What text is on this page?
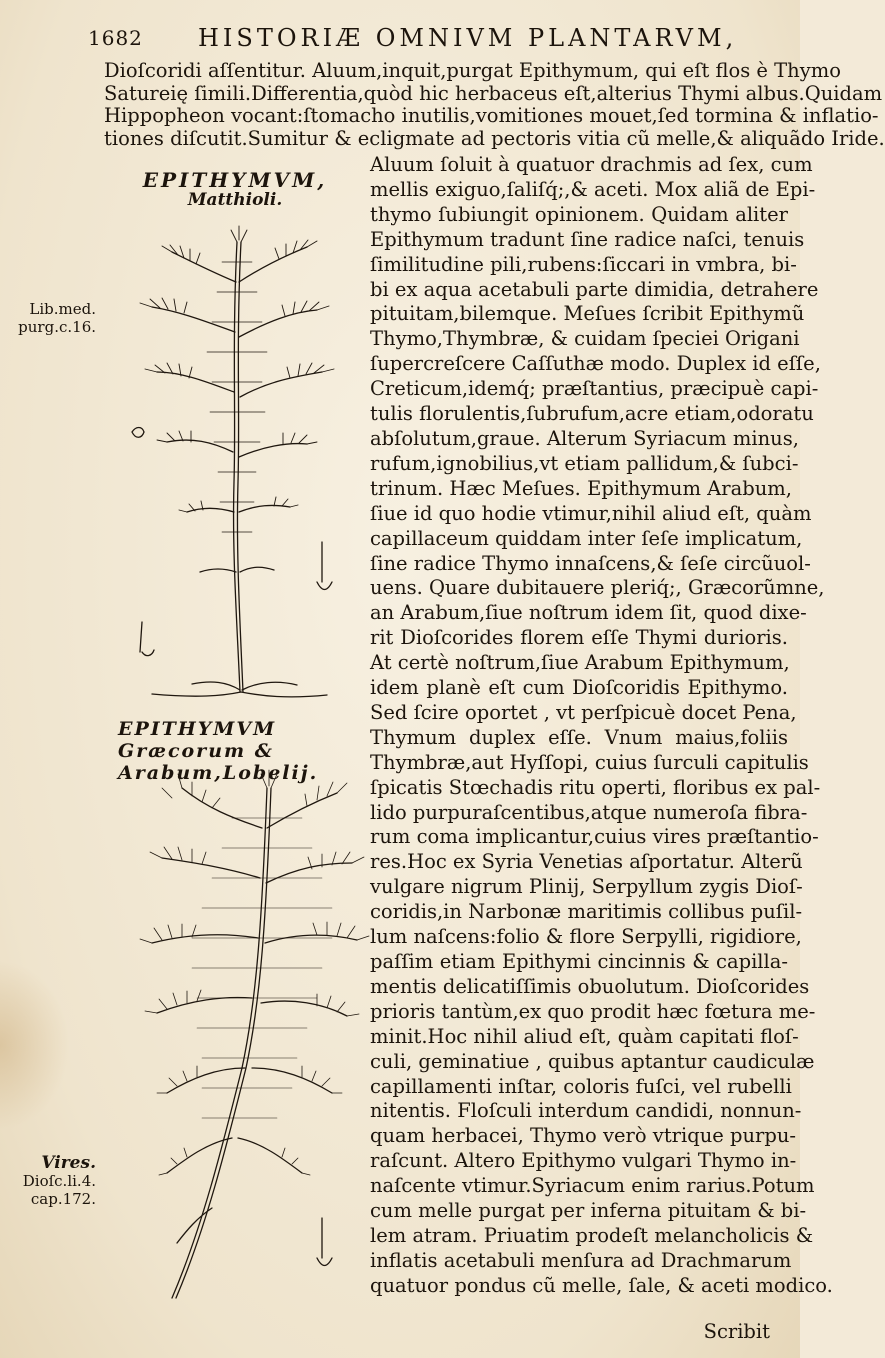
1682 HISTORIÆ OMNIVM PLANTARVM,
Dioſcoridi aſſentitur. Aluum,inquit,purgat Epithymum, qui eſt flos è Thymo
Satureię ſimili.Differentia,quòd hic herbaceus eſt,alterius Thymi albus.Quidam
Hippopheon vocant:ſtomacho inutilis,vomitiones mouet,ſed tormina & inflatio-
tiones diſcutit.Sumitur & ecligmate ad pectoris vitia cũ melle,& aliquãdo Iride.
EPITHYMVM,
Matthioli.
EPITHYMVM Græcorum & Arabum,Lobelij.
Lib.med.
purg.c.16.
Vires.
Dioſc.li.4.
cap.172.
Aluum ſoluit à quatuor drachmis ad ſex, cum
mellis exiguo,ſaliſq́;,& aceti. Mox aliã de Epi-
thymo ſubiungit opinionem. Quidam aliter
Epithymum tradunt ſine radice naſci, tenuis
ſimilitudine pili,rubens:ſiccari in vmbra, bi-
bi ex aqua acetabuli parte dimidia, detrahere
pituitam,bilemque. Meſues ſcribit Epithymũ
Thymo,Thymbræ, & cuidam ſpeciei Origani
ſupercreſcere Caſſuthæ modo. Duplex id eſſe,
Creticum,idemq́; præſtantius, præcipuè capi-
tulis florulentis,ſubrufum,acre etiam,odoratu
abſolutum,graue. Alterum Syriacum minus,
rufum,ignobilius,vt etiam pallidum,& ſubci-
trinum. Hæc Meſues. Epithymum Arabum,
ſiue id quo hodie vtimur,nihil aliud eſt, quàm
capillaceum quiddam inter ſeſe implicatum,
ſine radice Thymo innaſcens,& ſeſe circũuol-
uens. Quare dubitauere pleriq́;, Græcorũmne,
an Arabum,ſiue noſtrum idem ſit, quod dixe-
rit Dioſcorides florem eſſe Thymi durioris.
At certè noſtrum,ſiue Arabum Epithymum,
idem planè eſt cum Dioſcoridis Epithymo.
Sed ſcire oportet , vt perſpicuè docet Pena,
Thymum duplex eſſe. Vnum maius,foliis
Thymbræ,aut Hyſſopi, cuius ſurculi capitulis
ſpicatis Stœchadis ritu operti, floribus ex pal-
lido purpuraſcentibus,atque numeroſa fibra-
rum coma implicantur,cuius vires præſtantio-
res.Hoc ex Syria Venetias aſportatur. Alterũ
vulgare nigrum Plinij, Serpyllum zygis Dioſ-
coridis,in Narbonæ maritimis collibus puſil-
lum naſcens:folio & flore Serpylli, rigidiore,
paſſim etiam Epithymi cincinnis & capilla-
mentis delicatiſſimis obuolutum. Dioſcorides
prioris tantùm,ex quo prodit hæc fœtura me-
minit.Hoc nihil aliud eſt, quàm capitati floſ-
culi, geminatiue , quibus aptantur caudiculæ
capillamenti inſtar, coloris fuſci, vel rubelli
nitentis. Floſculi interdum candidi, nonnun-
quam herbacei, Thymo verò vtrique purpu-
raſcunt. Altero Epithymo vulgari Thymo in-
naſcente vtimur.Syriacum enim rarius.Potum
cum melle purgat per inferna pituitam & bi-
lem atram. Priuatim prodeſt melancholicis &
inflatis acetabuli menſura ad Drachmarum
quatuor pondus cũ melle, ſale, & aceti modico.
Scribit
